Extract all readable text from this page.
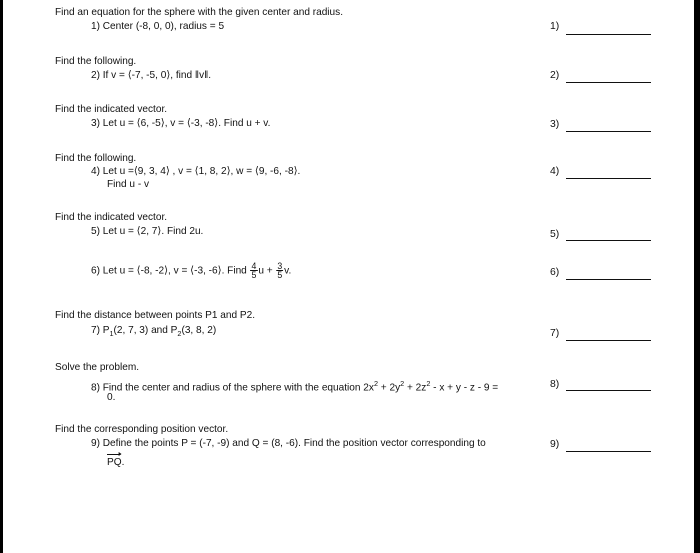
Find an equation for the sphere with the given center and radius.
1) Center (-8, 0, 0), radius = 5	1)
Find the following.
2) If v = ⟨-7, -5, 0⟩, find ‖v‖.	2)
Find the indicated vector.
3) Let u = ⟨6, -5⟩, v = ⟨-3, -8⟩. Find u + v.	3)
Find the following.
4) Let u =⟨9, 3, 4⟩ , v = ⟨1, 8, 2⟩, w = ⟨9, -6, -8⟩.
Find u - v
4)
Find the indicated vector.
5) Let u = ⟨2, 7⟩. Find 2u.	5)
6) Let u = ⟨-8, -2⟩, v = ⟨-3, -6⟩. Find $\frac{4}{5}$ $u + \frac{3}{5} v$.	6)
Find the distance between points P1 and P2.
7) $P_1(2$, 7, 3) and $P_2(3$, 8, 2)	7)
Solve the problem.
8) Find the center and radius of the sphere with the equation $2x^2 + 2y^2 + 2z^2 - x + y - z - 9$ =
0.
8)
Find the corresponding position vector.
9) Define the points P = (-7, -9) and Q = (8, -6). Find the position vector corresponding to
PQ.
9)
